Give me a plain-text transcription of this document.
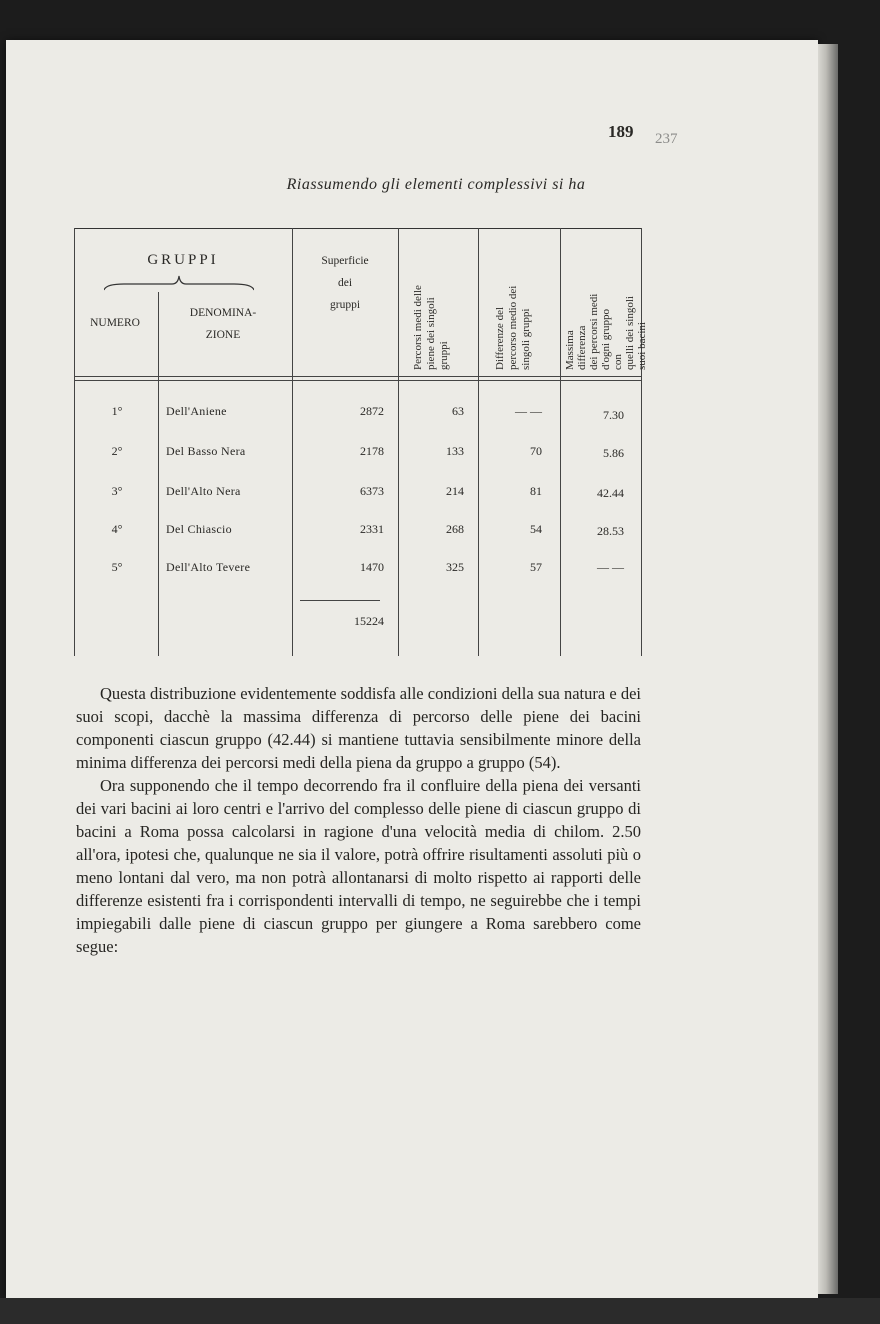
189 237
Riassumendo gli elementi complessivi si ha
GRUPPI
NUMERO
DENOMINA-
ZIONE
Superficie
dei
gruppi
Percorsi medi delle
piene dei singoli
gruppi	Differenze del
percorso medio dei
singoli gruppi
Massima differenza
dei percorsi medi
d'ogni gruppo con
quelli dei singoli
suoi bacini
1°	Dell'Aniene	2872	63	— —	7.30
2°	Del Basso Nera	2178	133	70	5.86
3°	Dell'Alto Nera	6373	214	81	42.44
4°	Del Chiascio	2331	268	54	28.53
5°	Dell'Alto Tevere	1470	325	57	— —
15224

Questa distribuzione evidentemente soddisfa alle condizioni della sua natura e dei suoi scopi, dacchè la massima differenza di percorso delle piene dei bacini componenti ciascun gruppo (42.44) si mantiene tuttavia sensibilmente minore della minima differenza dei percorsi medi della piena da gruppo a gruppo (54).

Ora supponendo che il tempo decorrendo fra il confluire della piena dei versanti dei vari bacini ai loro centri e l'arrivo del complesso delle piene di ciascun gruppo di bacini a Roma possa calcolarsi in ragione d'una velocità media di chilom. 2.50 all'ora, ipotesi che, qualunque ne sia il valore, potrà offrire risultamenti assoluti più o meno lontani dal vero, ma non potrà allontanarsi di molto rispetto ai rapporti delle differenze esistenti fra i corrispondenti intervalli di tempo, ne seguirebbe che i tempi impiegabili dalle piene di ciascun gruppo per giungere a Roma sarebbero come segue:
